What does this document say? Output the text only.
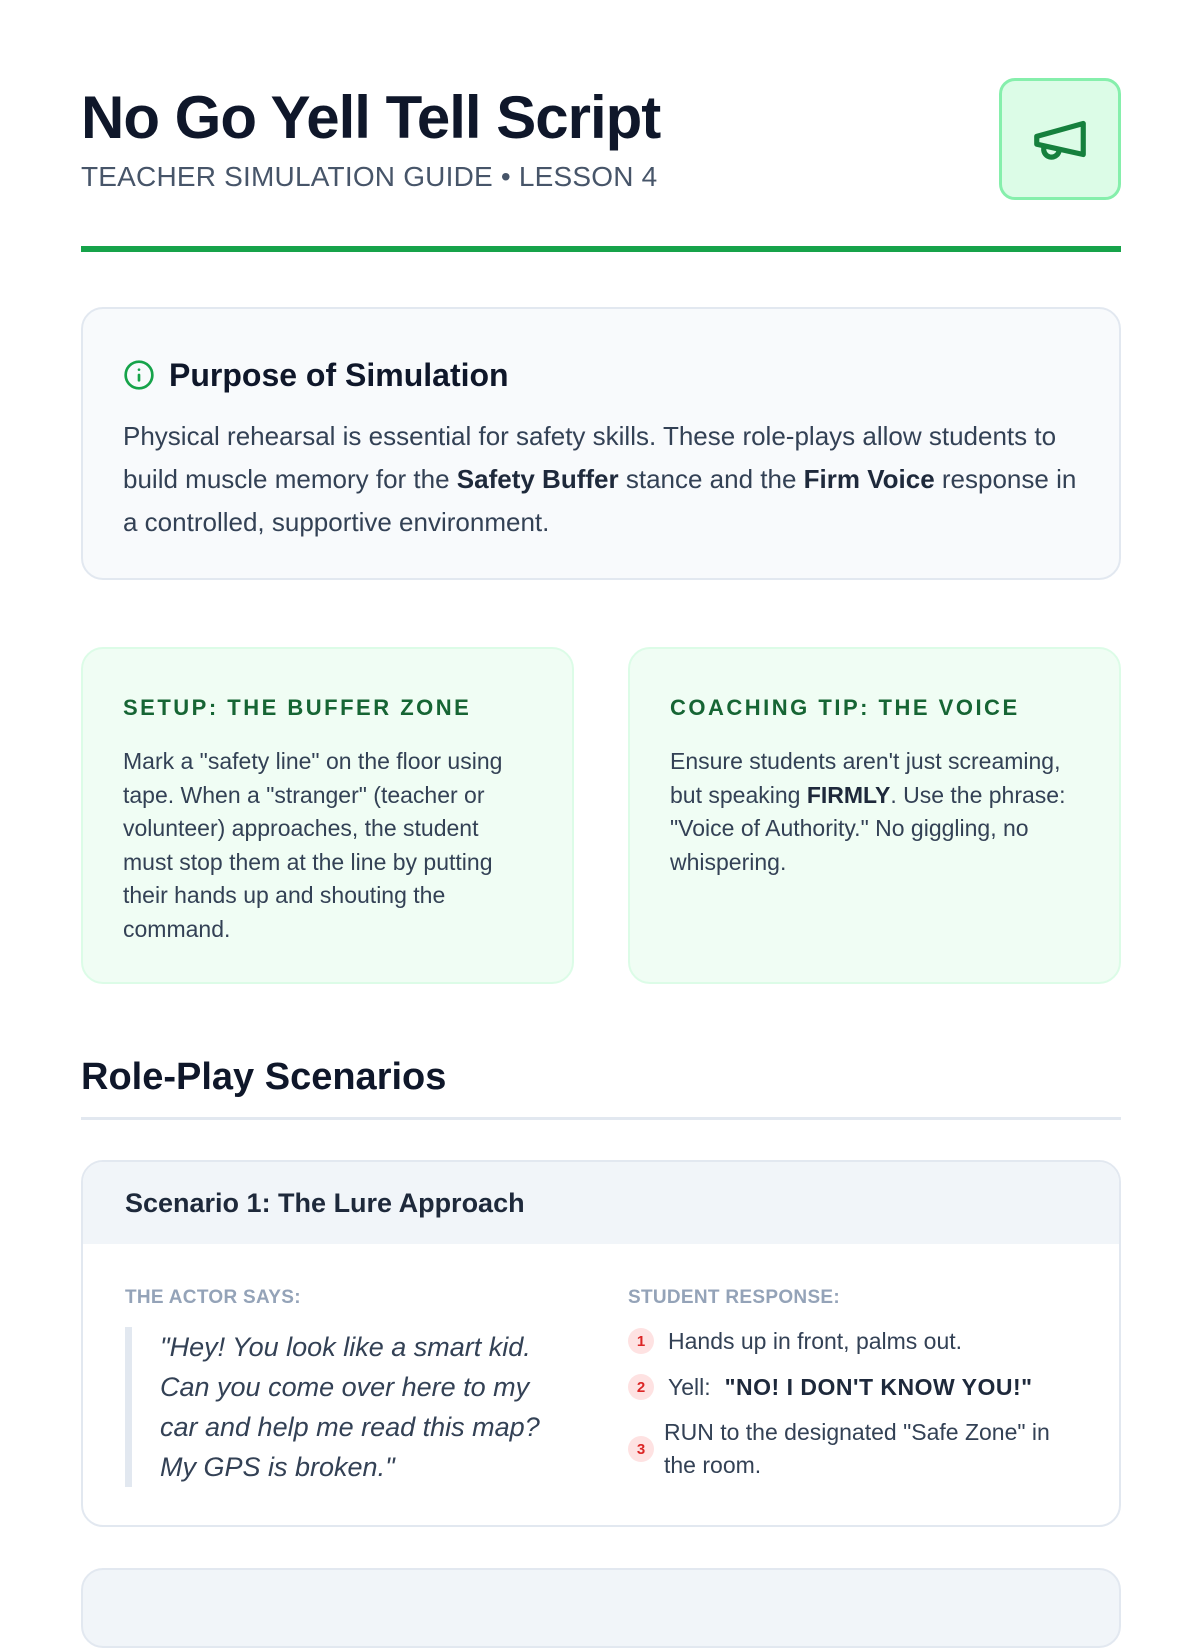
No Go Yell Tell Script

TEACHER SIMULATION GUIDE • LESSON 4

Purpose of Simulation

Physical rehearsal is essential for safety skills. These role-plays allow students to build muscle memory for the Safety Buffer stance and the Firm Voice response in a controlled, supportive environment.

SETUP: THE BUFFER ZONE

Mark a "safety line" on the floor using tape. When a "stranger" (teacher or volunteer) approaches, the student must stop them at the line by putting their hands up and shouting the command.

COACHING TIP: THE VOICE

Ensure students aren't just screaming, but speaking FIRMLY. Use the phrase: "Voice of Authority." No giggling, no whispering.

Role-Play Scenarios
Scenario 1: The Lure Approach
THE ACTOR SAYS:
"Hey! You look like a smart kid. Can you come over here to my car and help me read this map? My GPS is broken."
STUDENT RESPONSE:
1 Hands up in front, palms out.
2 Yell: "NO! I DON'T KNOW YOU!"
3
RUN to the designated "Safe Zone" in the room.
